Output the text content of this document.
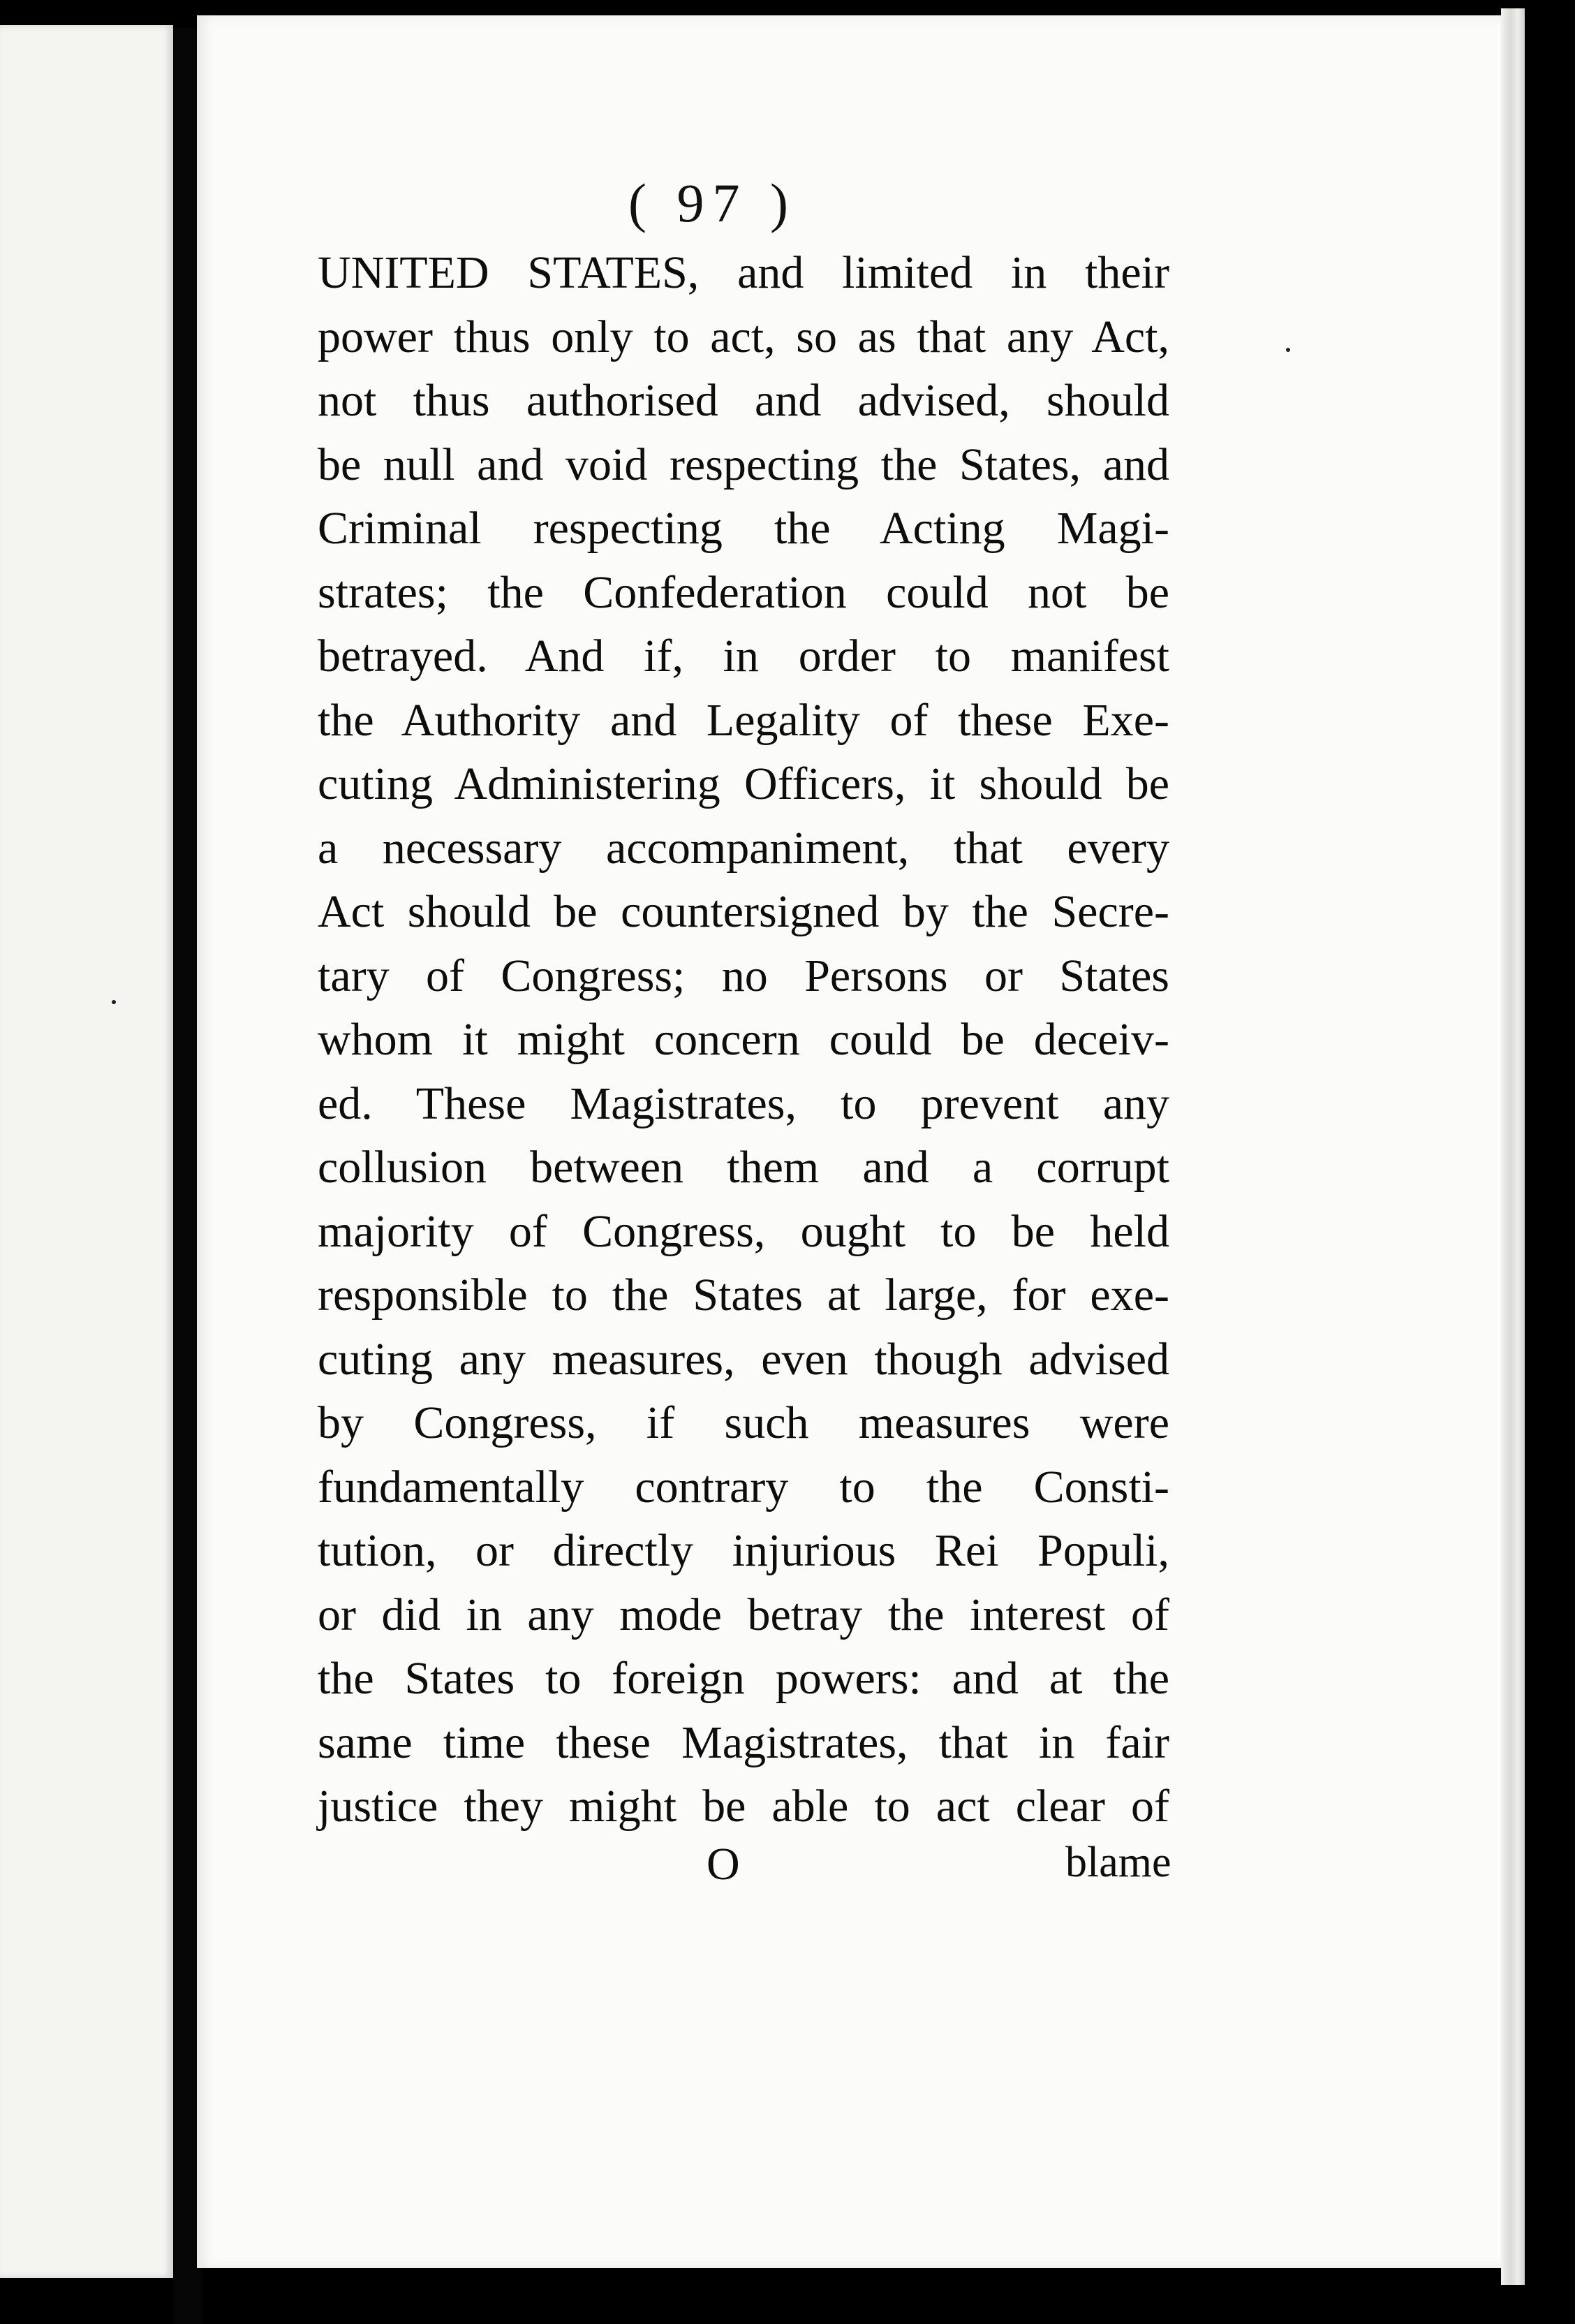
( 97 )
UNITED STATES, and limited in their
power thus only to act, so as that any Act,
not thus authorised and advised, should
be null and void respecting the States, and
Criminal respecting the Acting Magi-
strates; the Confederation could not be
betrayed. And if, in order to manifest
the Authority and Legality of these Exe-
cuting Administering Officers, it should be
a necessary accompaniment, that every
Act should be countersigned by the Secre-
tary of Congress; no Persons or States
whom it might concern could be deceiv-
ed. These Magistrates, to prevent any
collusion between them and a corrupt
majority of Congress, ought to be held
responsible to the States at large, for exe-
cuting any measures, even though advised
by Congress, if such measures were
fundamentally contrary to the Consti-
tution, or directly injurious Rei Populi,
or did in any mode betray the interest of
the States to foreign powers: and at the
same time these Magistrates, that in fair
justice they might be able to act clear of
O	blame
